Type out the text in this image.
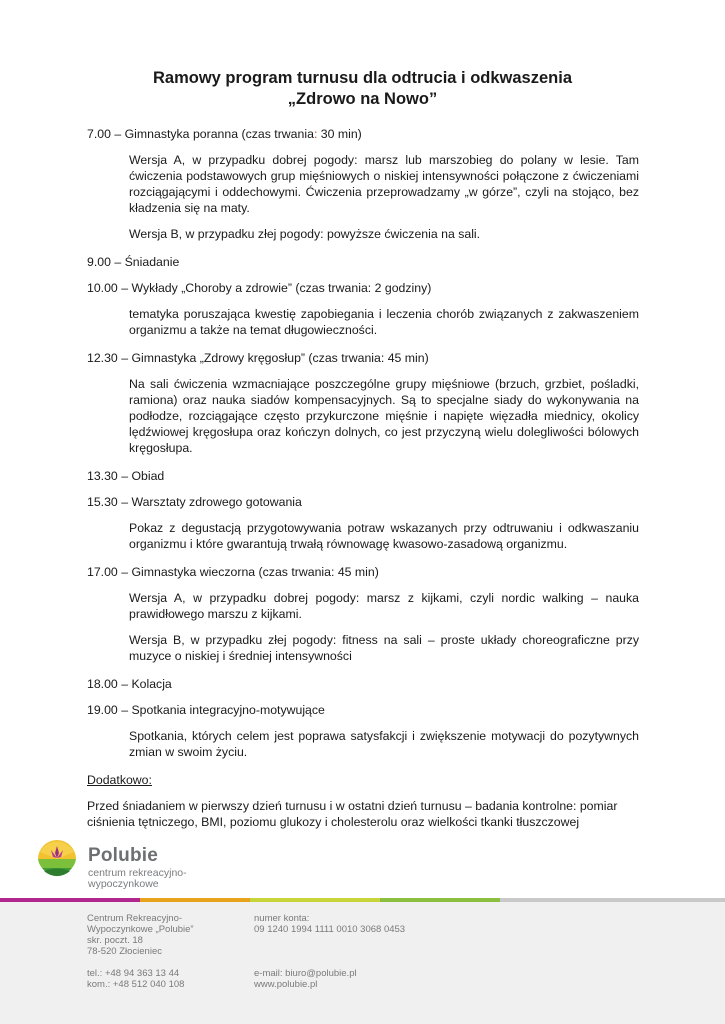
Ramowy program turnusu dla odtrucia i odkwaszenia
„Zdrowo na Nowo”

7.00 – Gimnastyka poranna (czas trwania: 30 min)

Wersja A, w przypadku dobrej pogody: marsz lub marszobieg do polany w lesie. Tam ćwiczenia podstawowych grup mięśniowych o niskiej intensywności połączone z ćwiczeniami rozciągającymi i oddechowymi. Ćwiczenia przeprowadzamy „w górze”, czyli na stojąco, bez kładzenia się na maty.

Wersja B, w przypadku złej pogody: powyższe ćwiczenia na sali.

9.00 – Śniadanie

10.00 – Wykłady „Choroby a zdrowie” (czas trwania: 2 godziny)

tematyka poruszająca kwestię zapobiegania i leczenia chorób związanych z zakwaszeniem organizmu a także na temat długowieczności.

12.30 – Gimnastyka „Zdrowy kręgosłup” (czas trwania: 45 min)

Na sali ćwiczenia wzmacniające poszczególne grupy mięśniowe (brzuch, grzbiet, pośladki, ramiona) oraz nauka siadów kompensacyjnych. Są to specjalne siady do wykonywania na podłodze, rozciągające często przykurczone mięśnie i napięte więzadła miednicy, okolicy lędźwiowej kręgosłupa oraz kończyn dolnych, co jest przyczyną wielu dolegliwości bólowych kręgosłupa.

13.30 – Obiad

15.30 – Warsztaty zdrowego gotowania

Pokaz z degustacją przygotowywania potraw wskazanych przy odtruwaniu i odkwaszaniu organizmu i które gwarantują trwałą równowagę kwasowo-zasadową organizmu.

17.00 – Gimnastyka wieczorna (czas trwania: 45 min)

Wersja A, w przypadku dobrej pogody: marsz z kijkami, czyli nordic walking – nauka prawidłowego marszu z kijkami.

Wersja B, w przypadku złej pogody: fitness na sali – proste układy choreograficzne przy muzyce o niskiej i średniej intensywności

18.00 – Kolacja

19.00 – Spotkania integracyjno-motywujące

Spotkania, których celem jest poprawa satysfakcji i zwiększenie motywacji do pozytywnych zmian w swoim życiu.

Dodatkowo:

Przed śniadaniem w pierwszy dzień turnusu i w ostatni dzień turnusu – badania kontrolne: pomiar ciśnienia tętniczego, BMI, poziomu glukozy i cholesterolu oraz wielkości tkanki tłuszczowej

Polubie
centrum rekreacyjno-
wypoczynkowe
Centrum Rekreacyjno-
Wypoczynkowe „Polubie”
skr. poczt. 18
78-520 Złocieniec
tel.: +48 94 363 13 44
kom.: +48 512 040 108
numer konta:
09 1240 1994 1111 0010 3068 0453
e-mail: biuro@polubie.pl
www.polubie.pl
